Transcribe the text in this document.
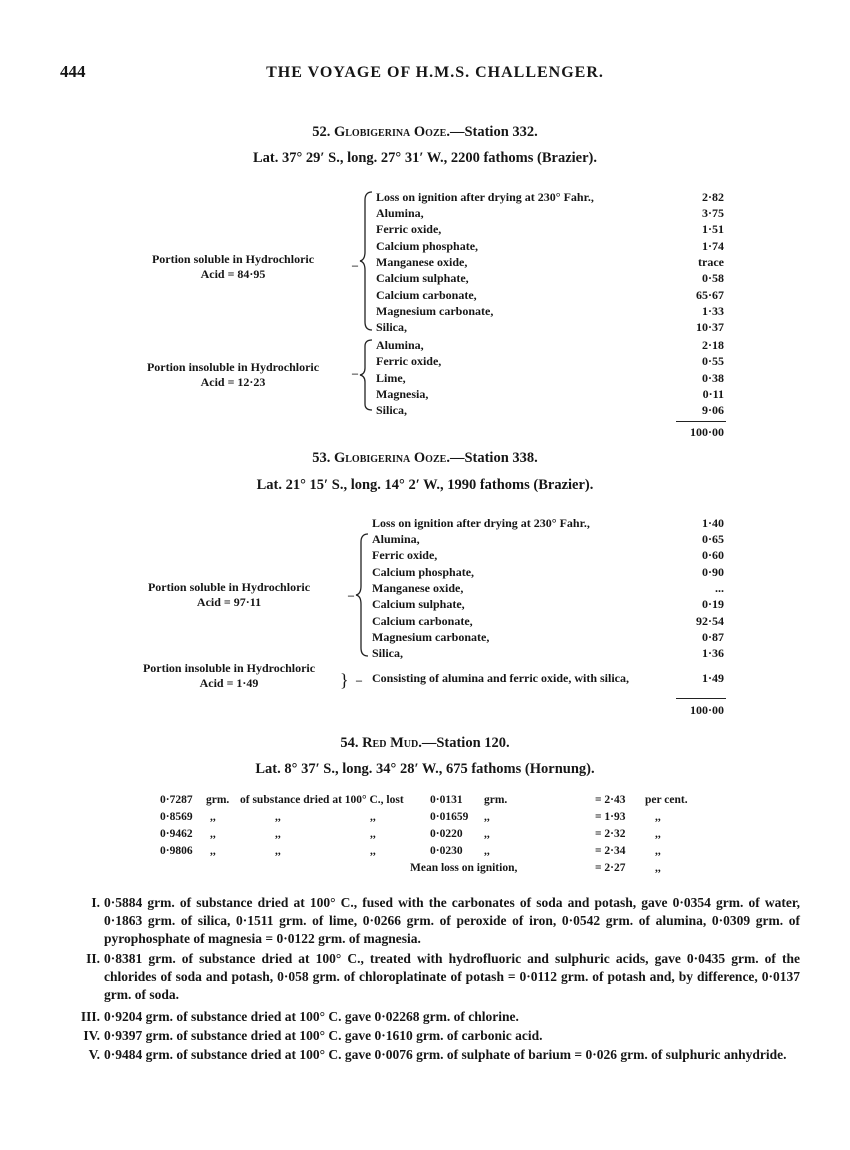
444	THE VOYAGE OF H.M.S. CHALLENGER.
52. Globigerina Ooze.—Station 332.
Lat. 37° 29′ S., long. 27° 31′ W., 2200 fathoms (Brazier).
Portion soluble in Hydrochloric
Acid = 84·95
–
Portion insoluble in Hydrochloric
Acid = 12·23
–
Loss on ignition after drying at 230° Fahr.,	2·82
Alumina,	3·75
Ferric oxide,	1·51
Calcium phosphate,	1·74
Manganese oxide,	trace
Calcium sulphate,	0·58
Calcium carbonate,	65·67
Magnesium carbonate,	1·33
Silica,	10·37
Alumina,	2·18
Ferric oxide,	0·55
Lime,	0·38
Magnesia,	0·11
Silica,	9·06
100·00
53. Globigerina Ooze.—Station 338.
Lat. 21° 15′ S., long. 14° 2′ W., 1990 fathoms (Brazier).
Portion soluble in Hydrochloric
Acid = 97·11	–
Loss on ignition after drying at 230° Fahr.,	1·40
Alumina,	0·65
Ferric oxide,	0·60
Calcium phosphate,	0·90
Manganese oxide,	...
Calcium sulphate,	0·19
Calcium carbonate,	92·54
Magnesium carbonate,	0·87
Silica,	1·36
Portion insoluble in Hydrochloric
Acid = 1·49	} – Consisting of alumina and ferric oxide, with silica,	1·49
100·00
54. Red Mud.—Station 120.
Lat. 8° 37′ S., long. 34° 28′ W., 675 fathoms (Hornung).
0·7287 grm. of substance dried at 100° C., lost 0·0131 grm.	= 2·43 per cent.
0·8569 ,,	,,	,,	0·01659 ,,	= 1·93	,,
0·9462 ,,	,,	,,	0·0220 ,,	= 2·32	,,
0·9806 ,,	,,	,,	0·0230 ,,	= 2·34	,,
Mean loss on ignition,	= 2·27	,,
I. 0·5884 grm. of substance dried at 100° C., fused with the carbonates of soda and potash, gave 0·0354 grm. of water, 0·1863 grm. of silica, 0·1511 grm. of lime, 0·0266 grm. of peroxide of iron, 0·0542 grm. of alumina, 0·0309 grm. of pyrophosphate of magnesia = 0·0122 grm. of magnesia.
II. 0·8381 grm. of substance dried at 100° C., treated with hydrofluoric and sulphuric acids, gave 0·0435 grm. of the chlorides of soda and potash, 0·058 grm. of chloroplatinate of potash = 0·0112 grm. of potash and, by difference, 0·0137 grm. of soda.
III. 0·9204 grm. of substance dried at 100° C. gave 0·02268 grm. of chlorine.
IV. 0·9397 grm. of substance dried at 100° C. gave 0·1610 grm. of carbonic acid.
V. 0·9484 grm. of substance dried at 100° C. gave 0·0076 grm. of sulphate of barium = 0·026 grm. of sulphuric anhydride.
